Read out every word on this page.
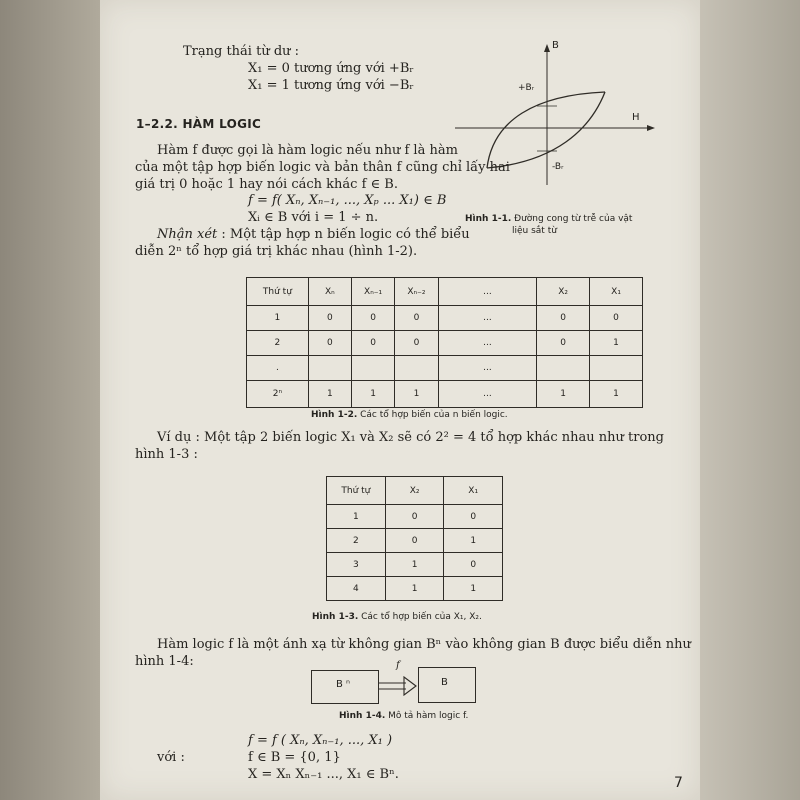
Trạng thái từ dư :
X₁ = 0 tương ứng với +Bᵣ
X₁ = 1 tương ứng với −Bᵣ
B
H
+Bᵣ
-Bᵣ
Hình 1-1. Đường cong từ trễ của vật
liệu sắt từ
1–2.2. HÀM LOGIC
Hàm f được gọi là hàm logic nếu như f là hàm
của một tập hợp biến logic và bản thân f cũng chỉ lấy hai
giá trị 0 hoặc 1 hay nói cách khác f ∈ B.
f = f( Xₙ, Xₙ₋₁, ..., Xₚ ... X₁) ∈ B
Xᵢ ∈ B với i = 1 ÷ n.
Nhận xét : Một tập hợp n biến logic có thể biểu
diễn 2ⁿ tổ hợp giá trị khác nhau (hình 1-2).
Thứ tự	Xₙ	Xₙ₋₁	Xₙ₋₂	...	X₂	X₁
1	0	0	0	...	0	0
2	0	0	0	...	0	1
.				...		
2ⁿ	1	1	1	...	1	1
Hình 1-2. Các tổ hợp biến của n biến logic.
Ví dụ : Một tập 2 biến logic X₁ và X₂ sẽ có 2² = 4 tổ hợp khác nhau như trong
hình 1-3 :
Thứ tự	X₂	X₁
1	0	0
2	0	1
3	1	0
4	1	1
Hình 1-3. Các tổ hợp biến của X₁, X₂.
Hàm logic f là một ánh xạ từ không gian Bⁿ vào không gian B được biểu diễn như
hình 1-4:
B ⁿ
f
B
Hình 1-4. Mô tả hàm logic f.
f = f ( Xₙ, Xₙ₋₁, ..., X₁ )
với :	f ∈ B = {0, 1}
X = Xₙ Xₙ₋₁ ..., X₁ ∈ Bⁿ.
7
